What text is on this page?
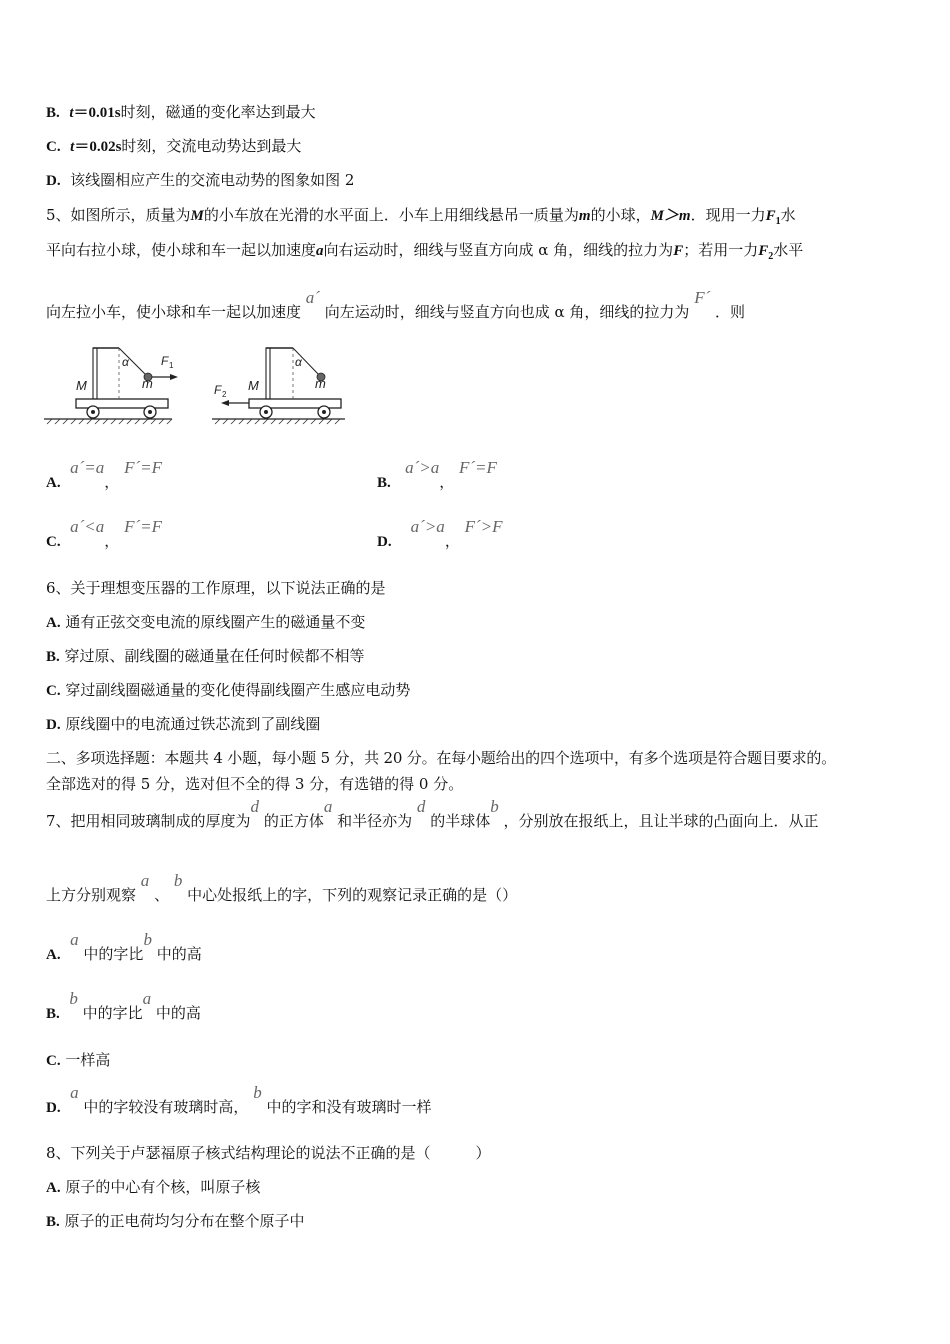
B. t＝0.01s时刻，磁通的变化率达到最大
C. t＝0.02s时刻，交流电动势达到最大
D. 该线圈相应产生的交流电动势的图象如图 2
5、如图所示，质量为M的小车放在光滑的水平面上．小车上用细线悬吊一质量为m的小球，M＞m．现用一力$F_1$水
平向右拉小球，使小球和车一起以加速度a向右运动时，细线与竖直方向成 α 角，细线的拉力为F；若用一力$F_2$水平
向左拉小车，使小球和车一起以加速度 a´ 向左运动时，细线与竖直方向也成 α 角，细线的拉力为 F´ ．则
α
M	m
F 1	α
M	m
F 2
A.  a´=a， F´=F
B.   a´>a， F´=F
C.  a´<a， F´=F
D.    a´>a， F´>F
6、关于理想变压器的工作原理，以下说法正确的是
A. 通有正弦交变电流的原线圈产生的磁通量不变
B. 穿过原、副线圈的磁通量在任何时候都不相等
C. 穿过副线圈磁通量的变化使得副线圈产生感应电动势
D. 原线圈中的电流通过铁芯流到了副线圈
二、多项选择题：本题共 4 小题，每小题 5 分，共 20 分。在每小题给出的四个选项中，有多个选项是符合题目要求的。
全部选对的得 5 分，选对但不全的得 3 分，有选错的得 0 分。
7、把用相同玻璃制成的厚度为d 的正方体a 和半径亦为 d 的半球体b ，分别放在报纸上，且让半球的凸面向上．从正
上方分别观察 a 、 b 中心处报纸上的字，下列的观察记录正确的是（）
A.  a 中的字比b 中的高
B.  b 中的字比a 中的高
C. 一样高
D.  a 中的字较没有玻璃时高， b 中的字和没有玻璃时一样
8、下列关于卢瑟福原子核式结构理论的说法不正确的是（　　　）
A. 原子的中心有个核，叫原子核
B. 原子的正电荷均匀分布在整个原子中
